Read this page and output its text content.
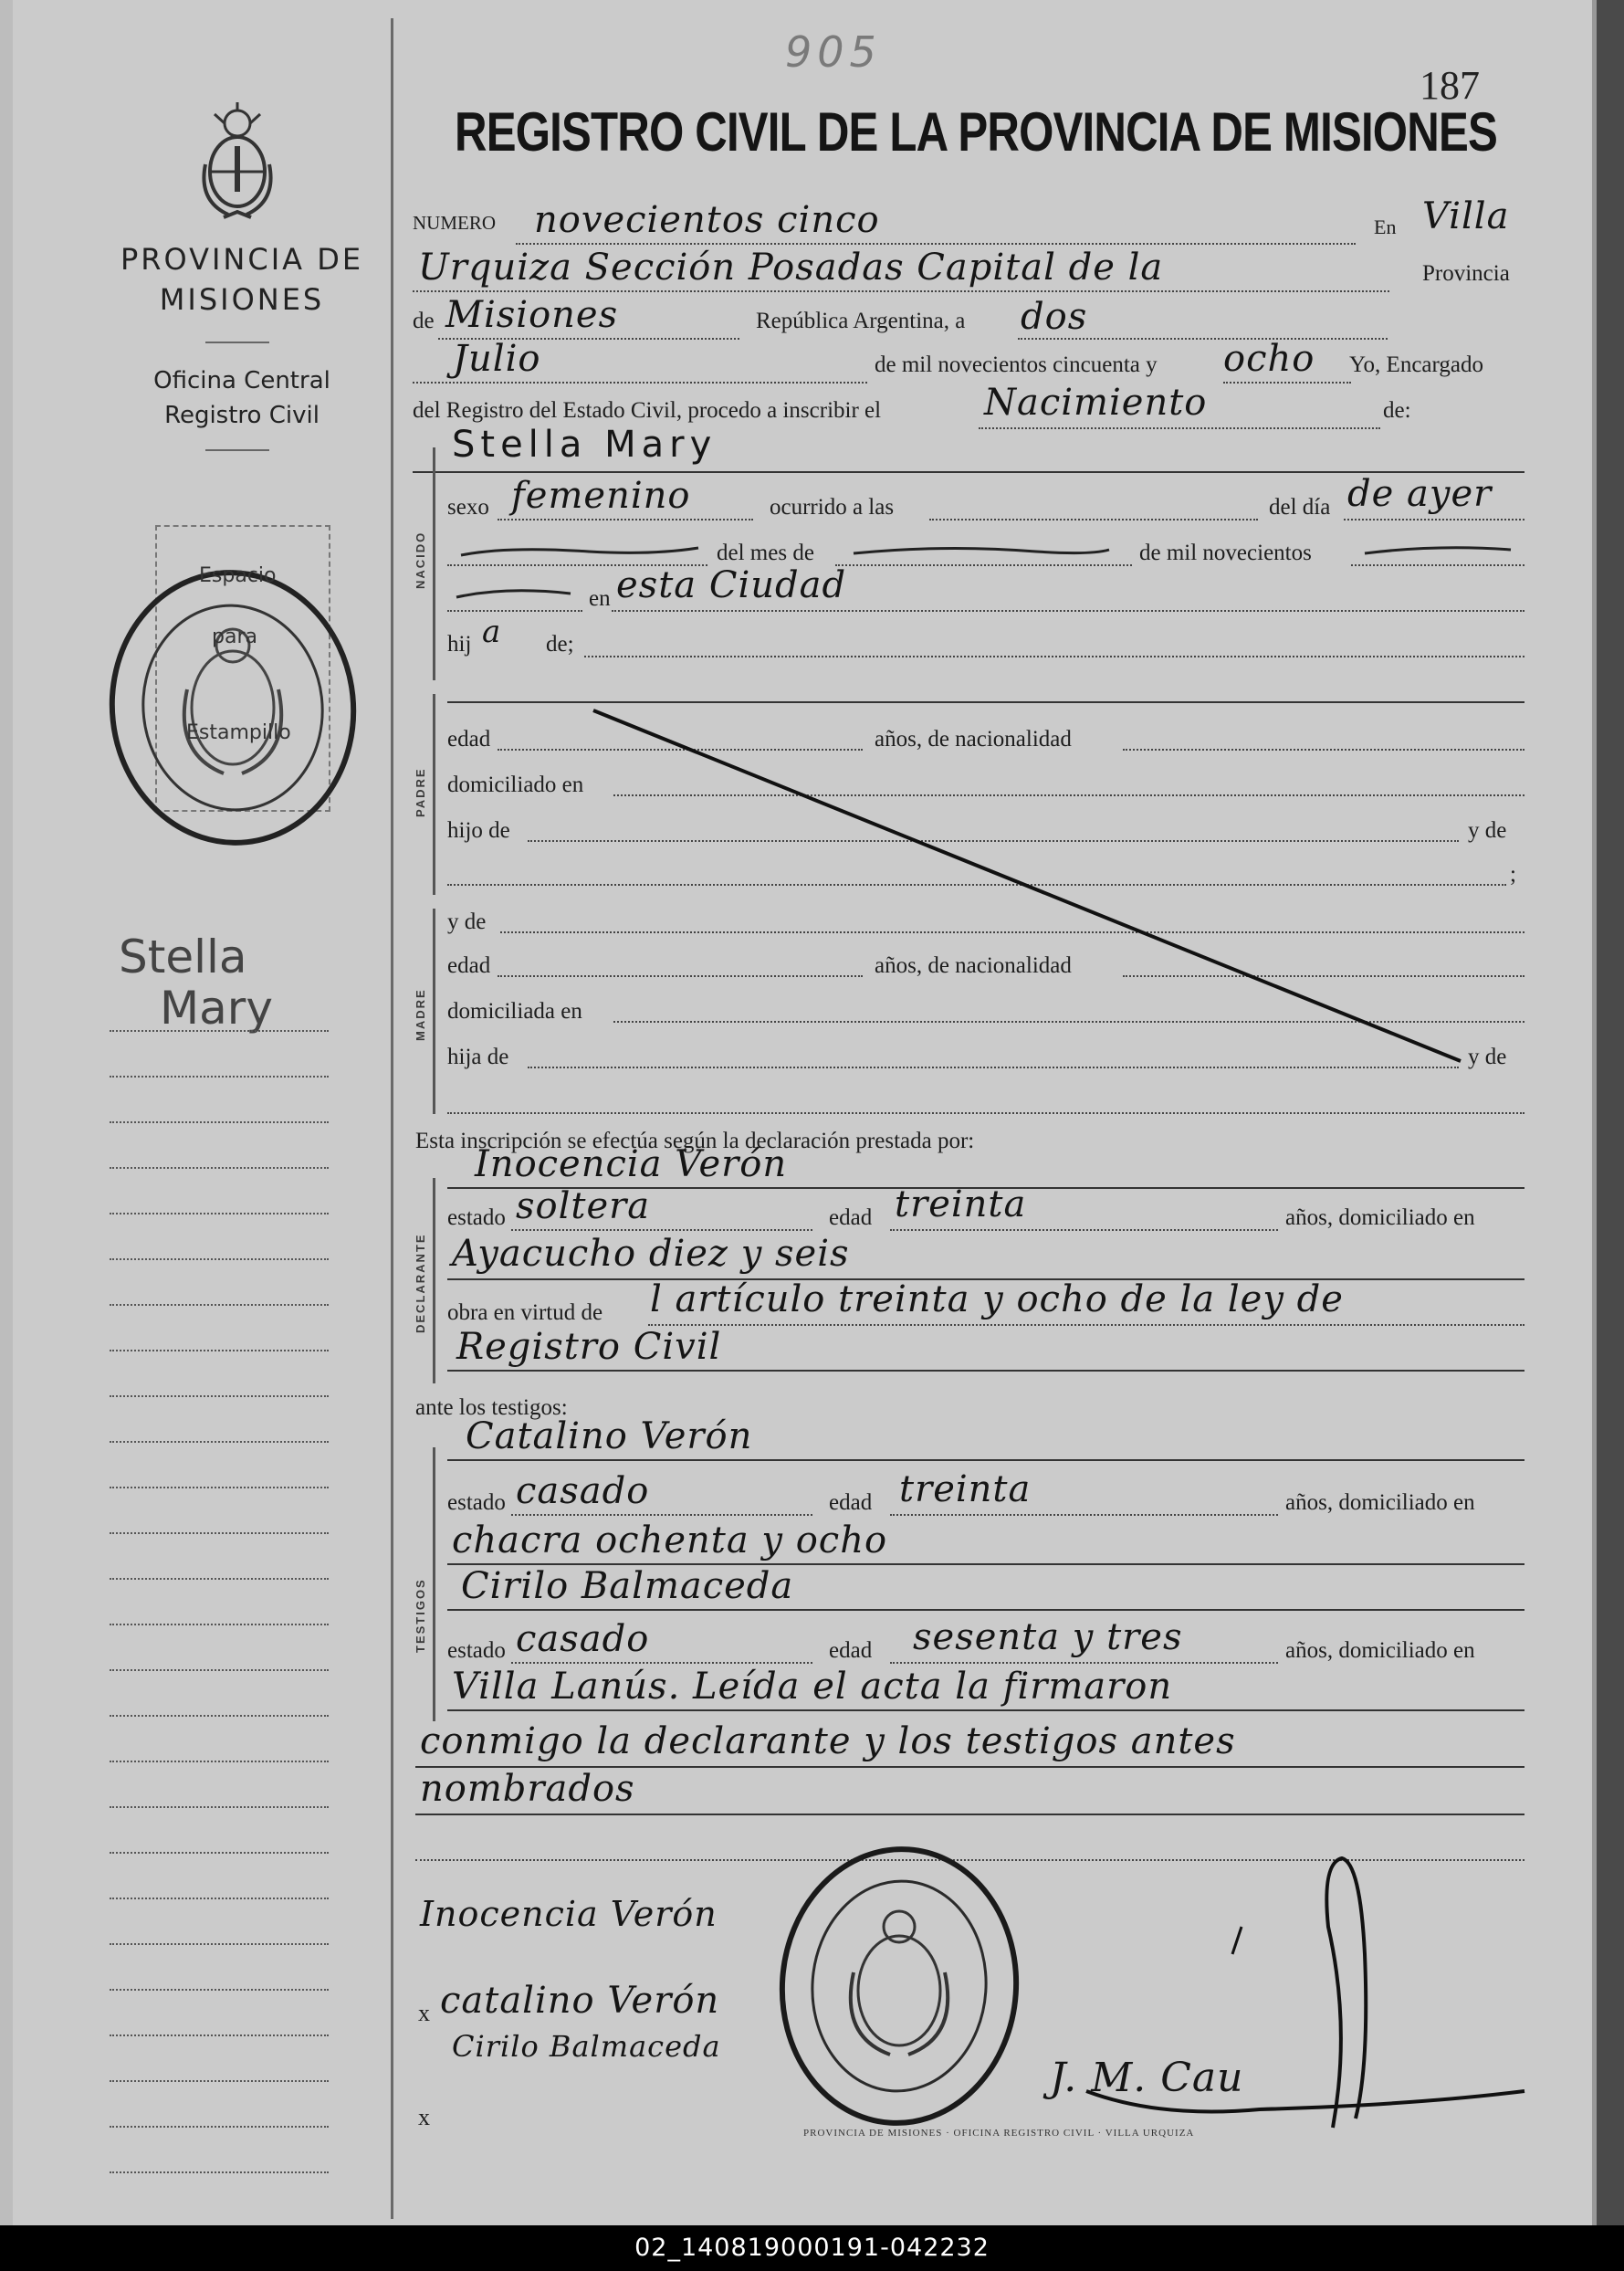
905
187
REGISTRO CIVIL DE LA PROVINCIA DE MISIONES
PROVINCIA DE
MISIONES
Oficina Central
Registro Civil
Espacio
para
Estampillo
Stella
Mary
NUMERO novecientos cinco	En Villa
Urquiza Sección Posadas Capital de la	Provincia
de Misiones	República Argentina, a dos
Julio	de mil novecientos cincuenta y ocho Yo, Encargado
del Registro del Estado Civil, procedo a inscribir el	Nacimiento	de:
Stella Mary
NACIDO
sexo femenino	ocurrido a las	del día de ayer
del mes de	de mil novecientos
en esta Ciudad
hij a de;
PADRE
edad	años, de nacionalidad
domiciliado en
hijo de	y de
;
MADRE
y de
edad	años, de nacionalidad
domiciliada en
hija de	y de
Esta inscripción se efectúa según la declaración prestada por:
Inocencia Verón
DECLARANTE
estado soltera	edad treinta	años, domiciliado en
Ayacucho diez y seis
obra en virtud de l artículo treinta y ocho de la ley de
Registro Civil
ante los testigos:
Catalino Verón
TESTIGOS
estado casado	edad treinta	años, domiciliado en
chacra ochenta y ocho
Cirilo Balmaceda
estado casado	edad sesenta y tres	años, domiciliado en
Villa Lanús. Leída el acta la firmaron
conmigo la declarante y los testigos antes
nombrados
Inocencia Verón
x catalino Verón
Cirilo Balmaceda
x
PROVINCIA DE MISIONES · OFICINA REGISTRO CIVIL · VILLA URQUIZA
J. M. Cau
02_140819000191-042232
